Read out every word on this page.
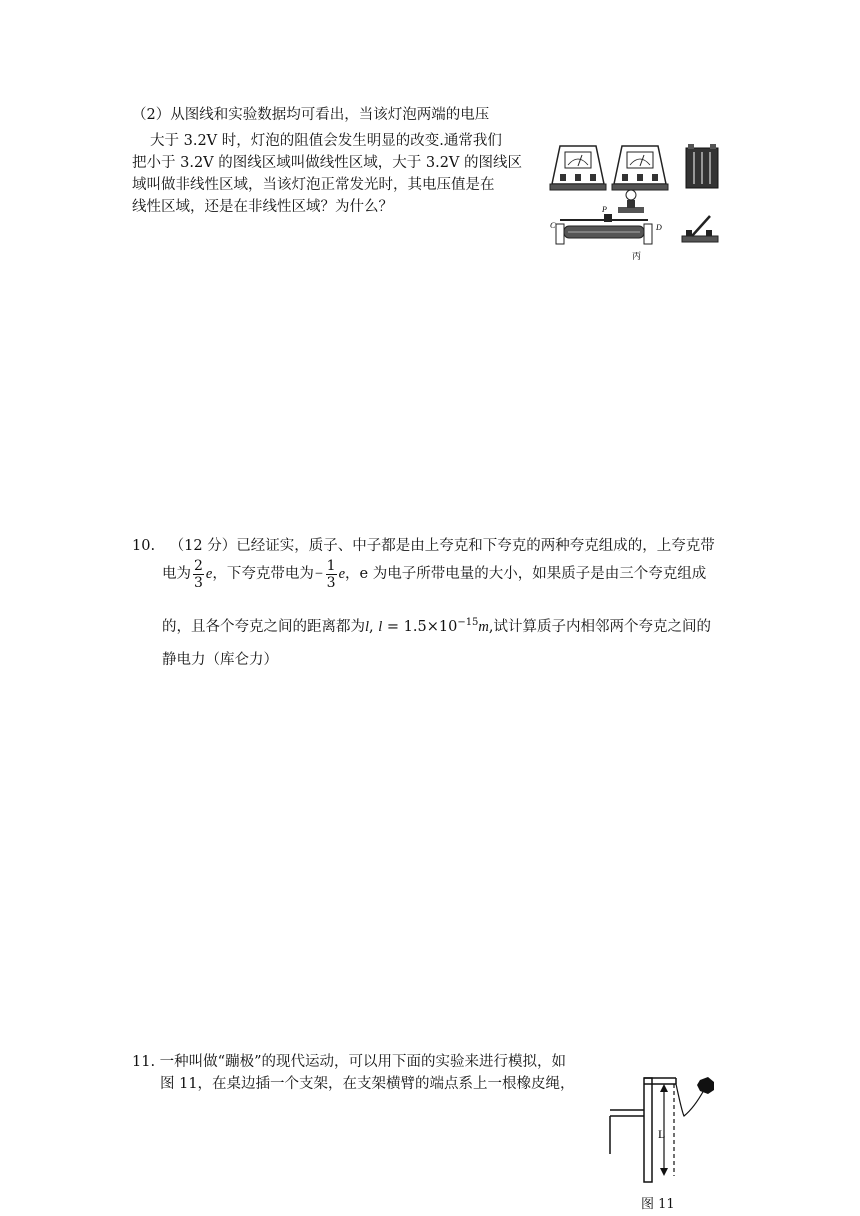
（2）从图线和实验数据均可看出，当该灯泡两端的电压
大于 3.2V 时，灯泡的阻值会发生明显的改变.通常我们
把小于 3.2V 的图线区域叫做线性区域，大于 3.2V 的图线区
域叫做非线性区域，当该灯泡正常发光时，其电压值是在
线性区域，还是在非线性区域？为什么？
C	D
P
丙
10. （12 分）已经证实，质子、中子都是由上夸克和下夸克的两种夸克组成的，上夸克带
电为 $\frac{2}{3}$ e，下夸克带电为− $\frac{1}{3}$ e，e 为电子所带电量的大小，如果质子是由三个夸克组成
的，且各个夸克之间的距离都为l, $l = 1.5\times 10^{-15}m$,试计算质子内相邻两个夸克之间的
静电力（库仑力）
11. 一种叫做“蹦极”的现代运动，可以用下面的实验来进行模拟，如
图 11，在桌边插一个支架，在支架横臂的端点系上一根橡皮绳，
L
图 11
